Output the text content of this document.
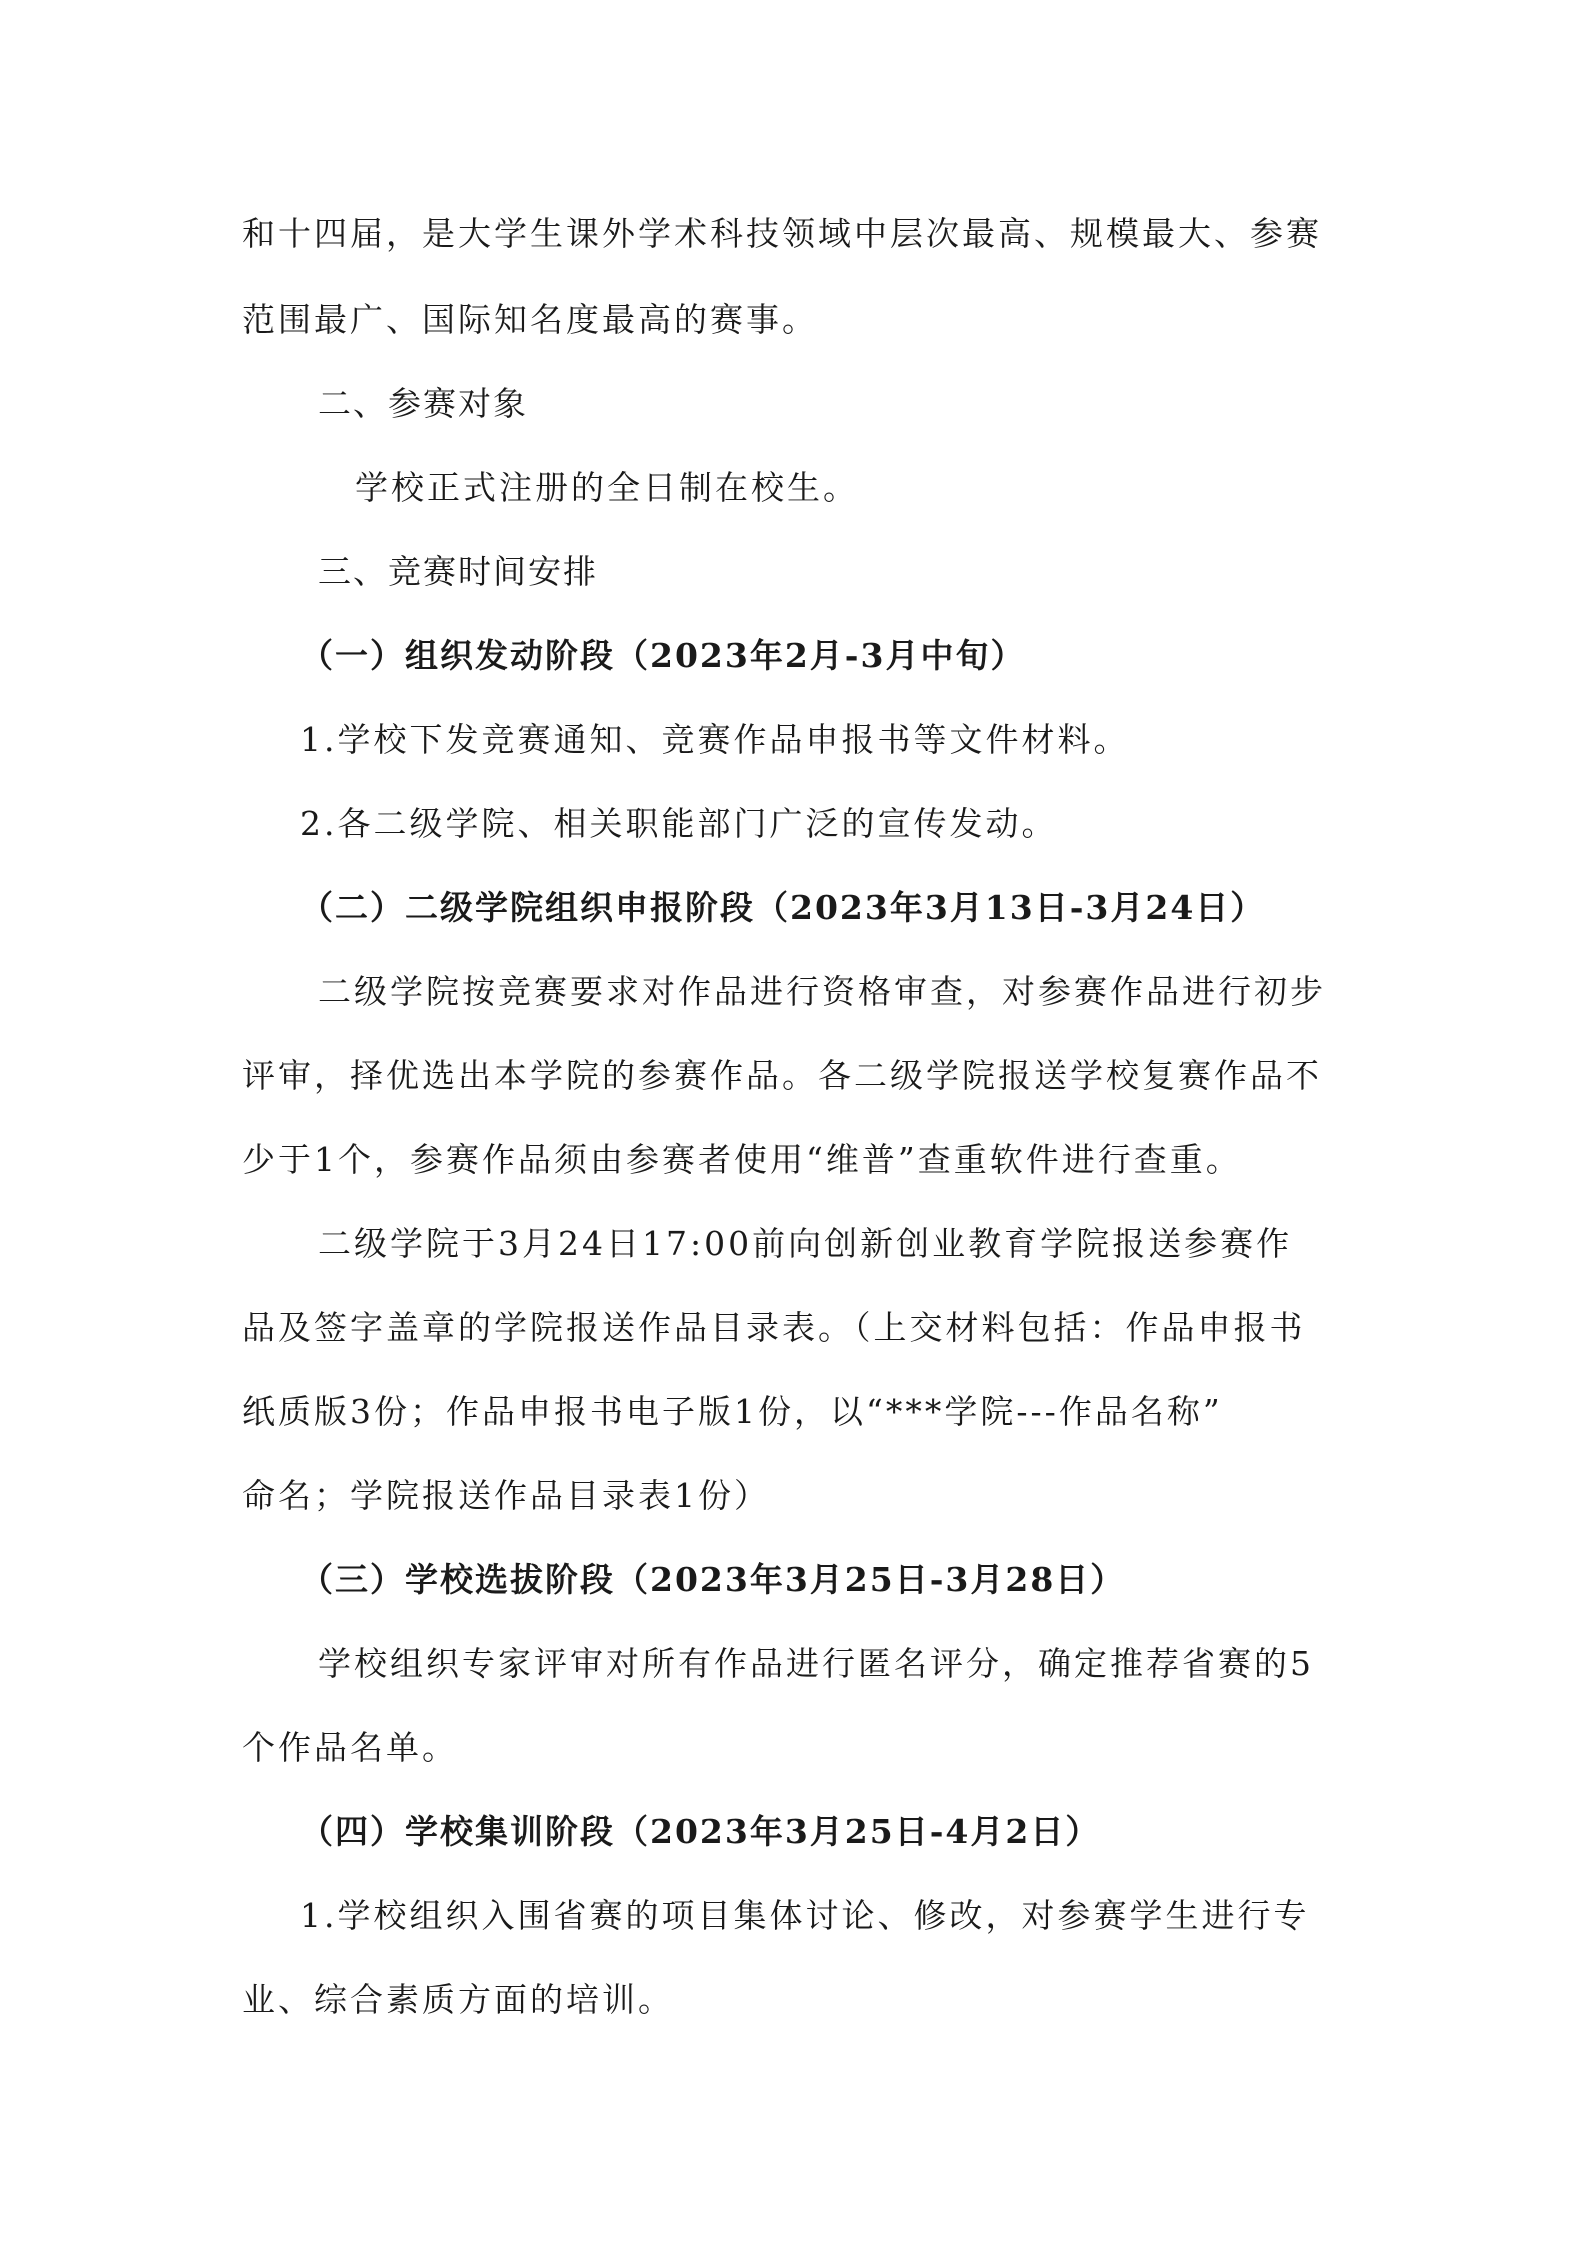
和十四届，是大学生课外学术科技领域中层次最高、规模最大、参赛
范围最广、国际知名度最高的赛事。
二、参赛对象
学校正式注册的全日制在校生。
三、竞赛时间安排
（一）组织发动阶段（2023年2月-3月中旬）
1.学校下发竞赛通知、竞赛作品申报书等文件材料。
2.各二级学院、相关职能部门广泛的宣传发动。
（二）二级学院组织申报阶段（2023年3月13日-3月24日）
二级学院按竞赛要求对作品进行资格审查，对参赛作品进行初步
评审，择优选出本学院的参赛作品。各二级学院报送学校复赛作品不
少于1个，参赛作品须由参赛者使用“维普”查重软件进行查重。
二级学院于3月24日17:00前向创新创业教育学院报送参赛作
品及签字盖章的学院报送作品目录表。（上交材料包括：作品申报书
纸质版3份；作品申报书电子版1份，以“***学院---作品名称”
命名；学院报送作品目录表1份）
（三）学校选拔阶段（2023年3月25日-3月28日）
学校组织专家评审对所有作品进行匿名评分，确定推荐省赛的5
个作品名单。
（四）学校集训阶段（2023年3月25日-4月2日）
1.学校组织入围省赛的项目集体讨论、修改，对参赛学生进行专
业、综合素质方面的培训。
